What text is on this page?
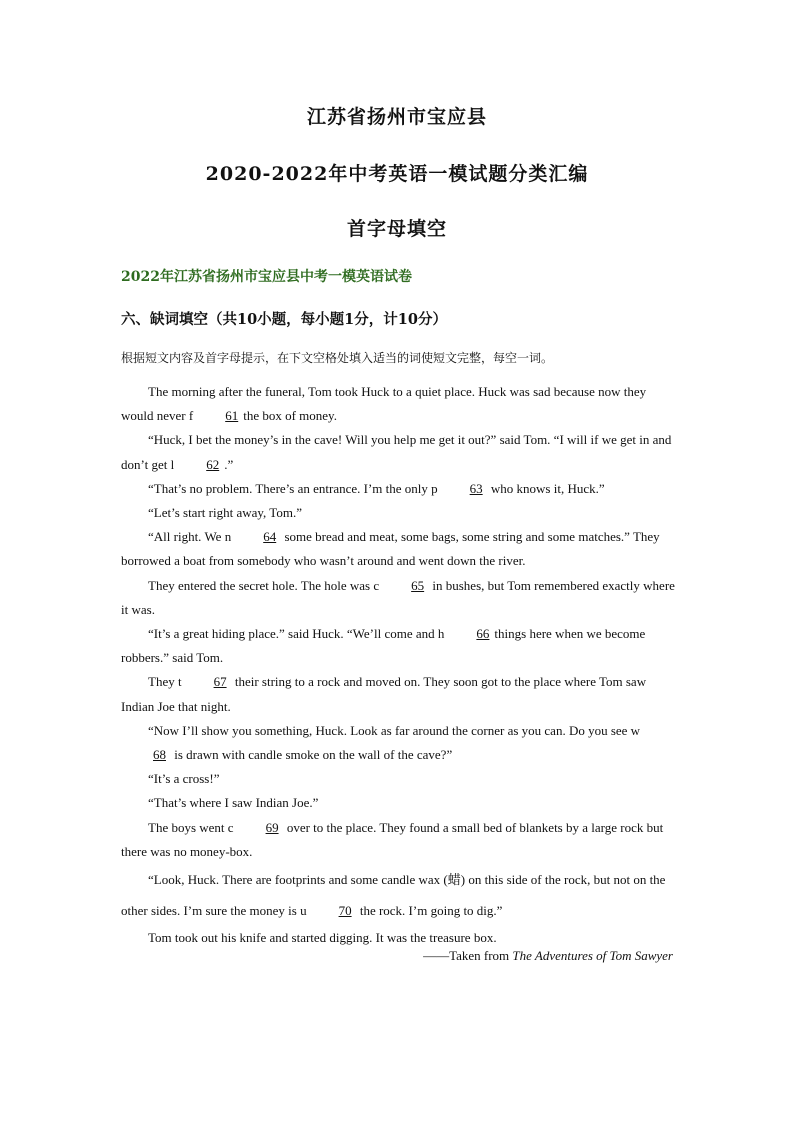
江苏省扬州市宝应县
2020-2022年中考英语一模试题分类汇编
首字母填空
2022年江苏省扬州市宝应县中考一模英语试卷
六、缺词填空（共10小题，每小题1分，计10分）
根据短文内容及首字母提示，在下文空格处填入适当的词使短文完整，每空一词。

The morning after the funeral, Tom took Huck to a quiet place. Huck was sad because now they would never f 61 the box of money.

“Huck, I bet the money’s in the cave! Will you help me get it out?” said Tom. “I will if we get in and don’t get l 62 .”

“That’s no problem. There’s an entrance. I’m the only p 63 who knows it, Huck.”

“Let’s start right away, Tom.”

“All right. We n 64 some bread and meat, some bags, some string and some matches.” They borrowed a boat from somebody who wasn’t around and went down the river.

They entered the secret hole. The hole was c 65 in bushes, but Tom remembered exactly where it was.

“It’s a great hiding place.” said Huck. “We’ll come and h 66 things here when we become robbers.” said Tom.

They t 67 their string to a rock and moved on. They soon got to the place where Tom saw Indian Joe that night.

“Now I’ll show you something, Huck. Look as far around the corner as you can. Do you see w68 is drawn with candle smoke on the wall of the cave?”

“It’s a cross!”

“That’s where I saw Indian Joe.”

The boys went c 69 over to the place. They found a small bed of blankets by a large rock but there was no money-box.

“Look, Huck. There are footprints and some candle wax (蜡) on this side of the rock, but not on the other sides. I’m sure the money is u 70 the rock. I’m going to dig.”

Tom took out his knife and started digging. It was the treasure box.

——Taken from The Adventures of Tom Sawyer
